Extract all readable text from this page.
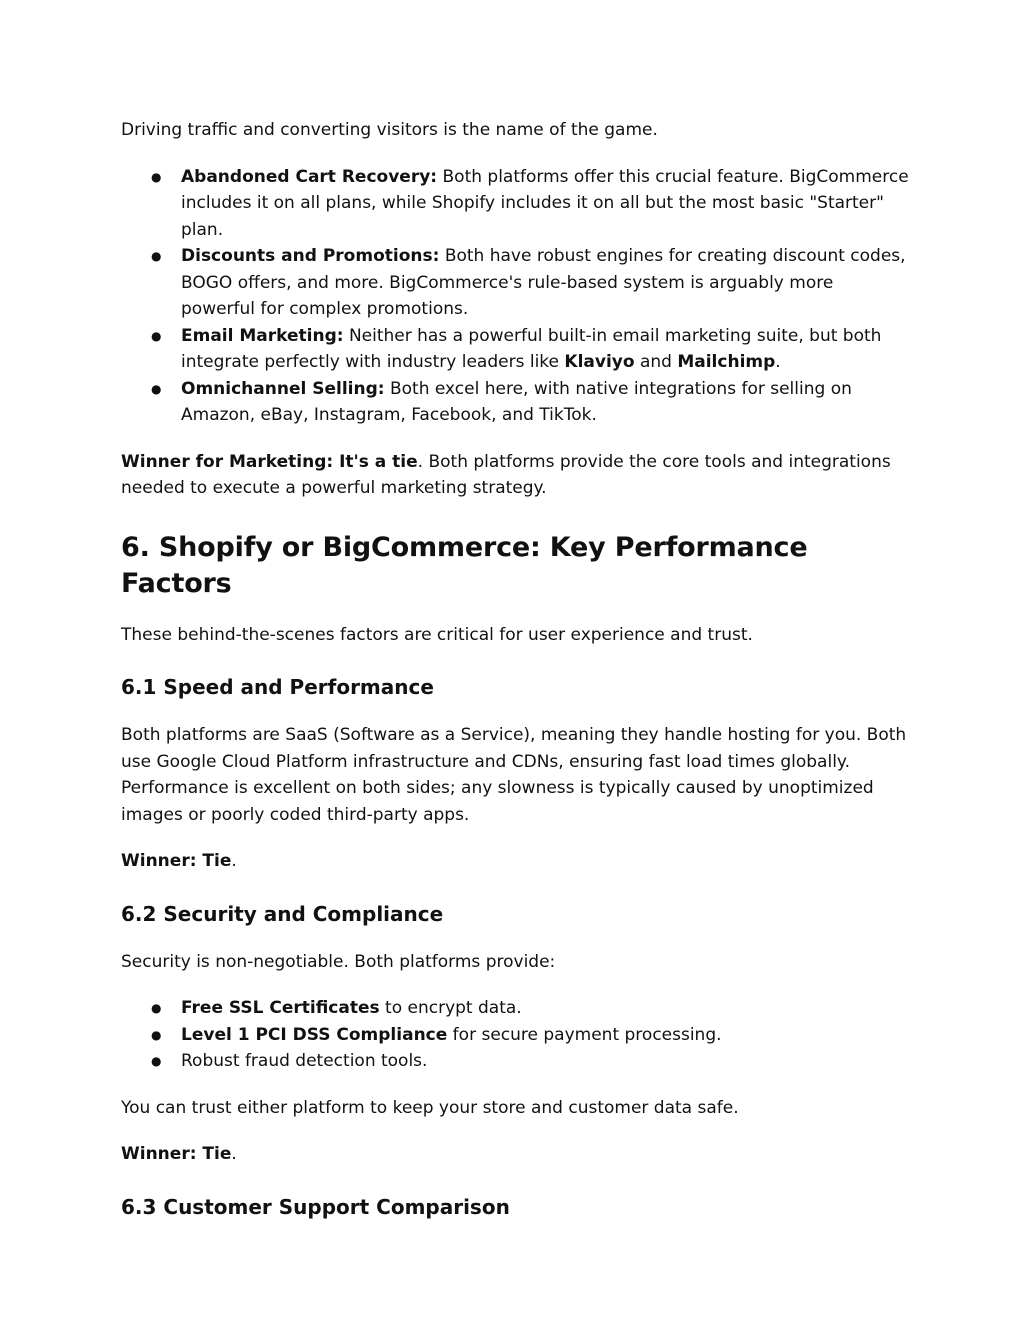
Driving traffic and converting visitors is the name of the game.

● Abandoned Cart Recovery: Both platforms offer this crucial feature. BigCommerce includes it on all plans, while Shopify includes it on all but the most basic "Starter" plan.
● Discounts and Promotions: Both have robust engines for creating discount codes, BOGO offers, and more. BigCommerce's rule-based system is arguably more powerful for complex promotions.
● Email Marketing: Neither has a powerful built-in email marketing suite, but both integrate perfectly with industry leaders like Klaviyo and Mailchimp.
● Omnichannel Selling: Both excel here, with native integrations for selling on Amazon, eBay, Instagram, Facebook, and TikTok.

Winner for Marketing: It's a tie. Both platforms provide the core tools and integrations needed to execute a powerful marketing strategy.

6. Shopify or BigCommerce: Key Performance Factors

These behind-the-scenes factors are critical for user experience and trust.

6.1 Speed and Performance

Both platforms are SaaS (Software as a Service), meaning they handle hosting for you. Both use Google Cloud Platform infrastructure and CDNs, ensuring fast load times globally. Performance is excellent on both sides; any slowness is typically caused by unoptimized images or poorly coded third-party apps.

Winner: Tie.

6.2 Security and Compliance

Security is non-negotiable. Both platforms provide:

● Free SSL Certificates to encrypt data.
● Level 1 PCI DSS Compliance for secure payment processing.
● Robust fraud detection tools.

You can trust either platform to keep your store and customer data safe.

Winner: Tie.

6.3 Customer Support Comparison
